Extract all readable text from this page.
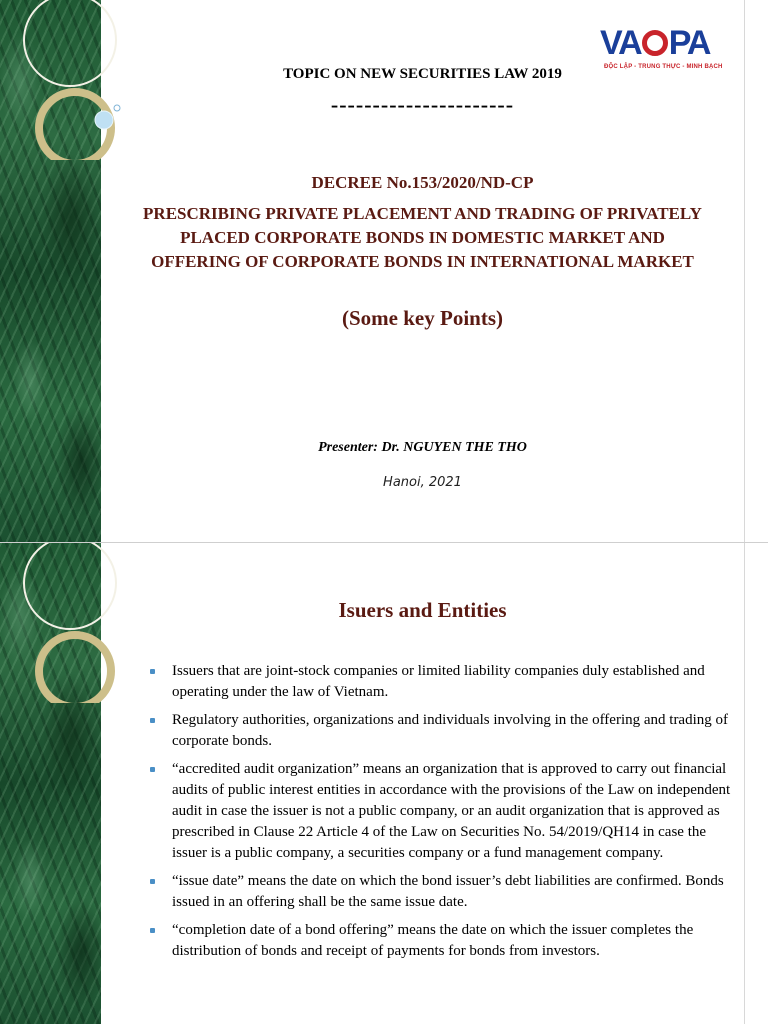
VA PA
ĐỘC LẬP - TRUNG THỰC - MINH BẠCH
TOPIC ON NEW SECURITIES LAW 2019
----------------------
DECREE No.153/2020/ND-CP
PRESCRIBING PRIVATE PLACEMENT AND TRADING OF PRIVATELY PLACED CORPORATE BONDS IN DOMESTIC MARKET AND OFFERING OF CORPORATE BONDS IN INTERNATIONAL MARKET
(Some key Points)
Presenter: Dr. NGUYEN THE THO
Hanoi, 2021
Isuers and Entities
Issuers that are joint-stock companies or limited liability companies duly established and operating under the law of Vietnam.
Regulatory authorities, organizations and individuals involving in the offering and trading of corporate bonds.
“accredited audit organization” means an organization that is approved to carry out financial audits of public interest entities in accordance with the provisions of the Law on independent audit in case the issuer is not a public company, or an audit organization that is approved as prescribed in Clause 22 Article 4 of the Law on Securities No. 54/2019/QH14 in case the issuer is a public company, a securities company or a fund management company.
“issue date” means the date on which the bond issuer’s debt liabilities are confirmed. Bonds issued in an offering shall be the same issue date.
“completion date of a bond offering” means the date on which the issuer completes the distribution of bonds and receipt of payments for bonds from investors.
